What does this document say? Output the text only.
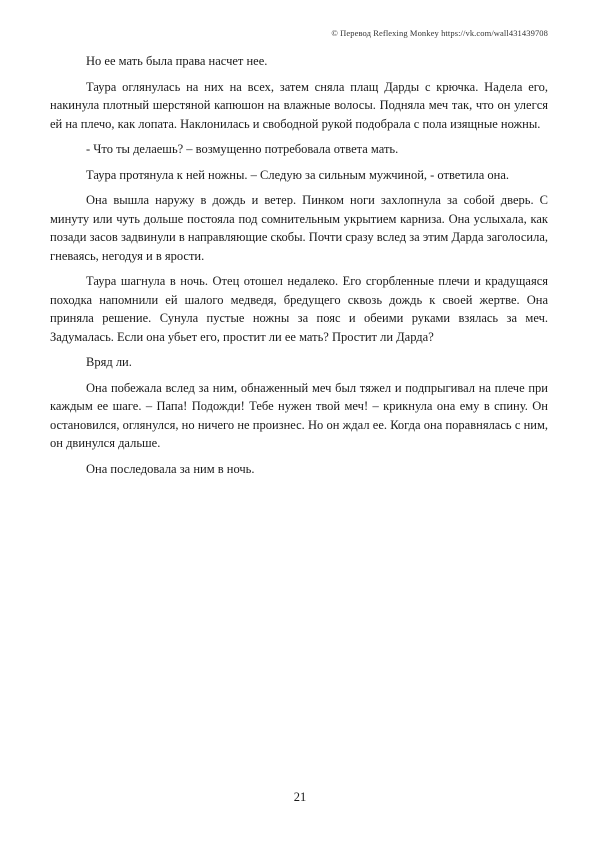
© Перевод Reflexing Monkey https://vk.com/wall431439708

Но ее мать была права насчет нее.

Таура оглянулась на них на всех, затем сняла плащ Дарды с крючка. Надела его, накинула плотный шерстяной капюшон на влажные волосы. Подняла меч так, что он улегся ей на плечо, как лопата. Наклонилась и свободной рукой подобрала с пола изящные ножны.

- Что ты делаешь? – возмущенно потребовала ответа мать.

Таура протянула к ней ножны. – Следую за сильным мужчиной, - ответила она.

Она вышла наружу в дождь и ветер. Пинком ноги захлопнула за собой дверь. С минуту или чуть дольше постояла под сомнительным укрытием карниза. Она услыхала, как позади засов задвинули в направляющие скобы. Почти сразу вслед за этим Дарда заголосила, гневаясь, негодуя и в ярости.

Таура шагнула в ночь. Отец отошел недалеко. Его сгорбленные плечи и крадущаяся походка напомнили ей шалого медведя, бредущего сквозь дождь к своей жертве. Она приняла решение. Сунула пустые ножны за пояс и обеими руками взялась за меч. Задумалась. Если она убьет его, простит ли ее мать? Простит ли Дарда?

Вряд ли.

Она побежала вслед за ним, обнаженный меч был тяжел и подпрыгивал на плече при каждым ее шаге. – Папа! Подожди! Тебе нужен твой меч! – крикнула она ему в спину. Он остановился, оглянулся, но ничего не произнес. Но он ждал ее. Когда она поравнялась с ним, он двинулся дальше.

Она последовала за ним в ночь.

21
